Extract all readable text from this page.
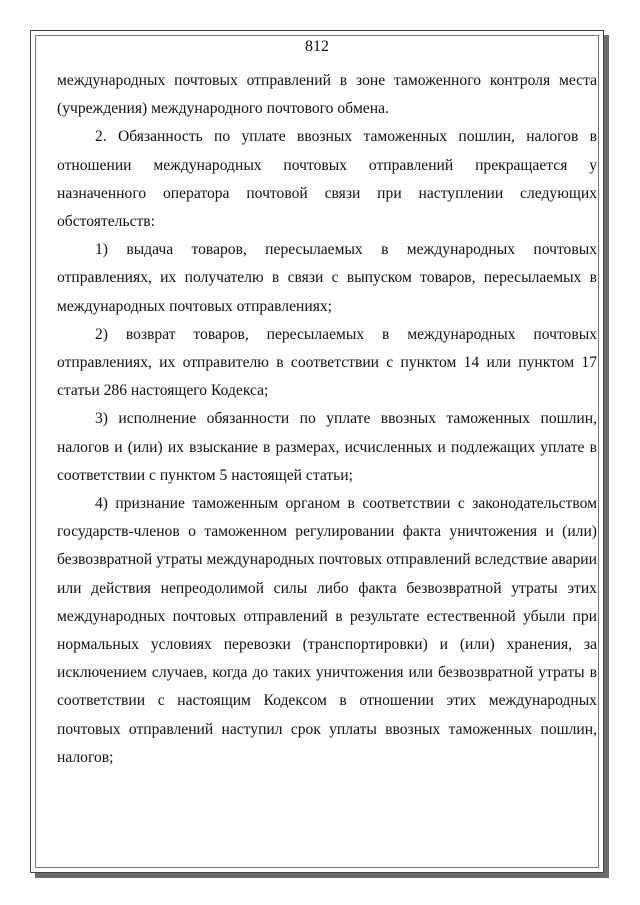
812

международных почтовых отправлений в зоне таможенного контроля места (учреждения) международного почтового обмена.

2. Обязанность по уплате ввозных таможенных пошлин, налогов в отношении международных почтовых отправлений прекращается у назначенного оператора почтовой связи при наступлении следующих обстоятельств:

1) выдача товаров, пересылаемых в международных почтовых отправлениях, их получателю в связи с выпуском товаров, пересылаемых в международных почтовых отправлениях;

2) возврат товаров, пересылаемых в международных почтовых отправлениях, их отправителю в соответствии с пунктом 14 или пунктом 17 статьи 286 настоящего Кодекса;

3) исполнение обязанности по уплате ввозных таможенных пошлин, налогов и (или) их взыскание в размерах, исчисленных и подлежащих уплате в соответствии с пунктом 5 настоящей статьи;

4) признание таможенным органом в соответствии с законодательством государств-членов о таможенном регулировании факта уничтожения и (или) безвозвратной утраты международных почтовых отправлений вследствие аварии или действия непреодолимой силы либо факта безвозвратной утраты этих международных почтовых отправлений в результате естественной убыли при нормальных условиях перевозки (транспортировки) и (или) хранения, за исключением случаев, когда до таких уничтожения или безвозвратной утраты в соответствии с настоящим Кодексом в отношении этих международных почтовых отправлений наступил срок уплаты ввозных таможенных пошлин, налогов;
